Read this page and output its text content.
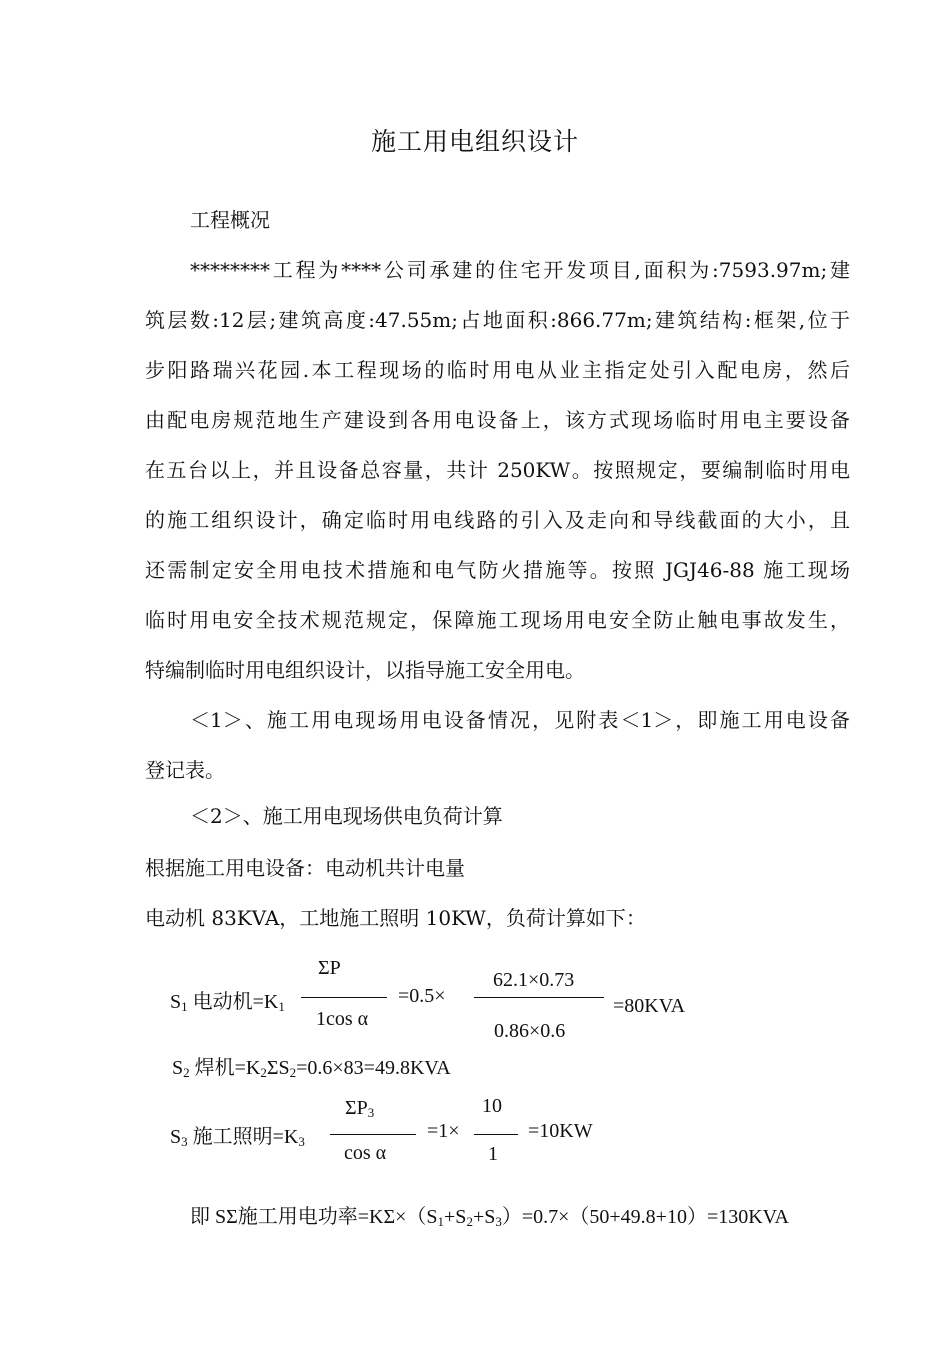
施工用电组织设计
工程概况
********工程为****公司承建的住宅开发项目,面积为:7593.97m;建
筑层数:12层;建筑高度:47.55m;占地面积:866.77m;建筑结构:框架,位于
步阳路瑞兴花园.本工程现场的临时用电从业主指定处引入配电房，然后
由配电房规范地生产建设到各用电设备上，该方式现场临时用电主要设备
在五台以上，并且设备总容量，共计 250KW。按照规定，要编制临时用电
的施工组织设计，确定临时用电线路的引入及走向和导线截面的大小，且
还需制定安全用电技术措施和电气防火措施等。按照 JGJ46-88 施工现场
临时用电安全技术规范规定，保障施工现场用电安全防止触电事故发生，
特编制临时用电组织设计，以指导施工安全用电。
＜1＞、施工用电现场用电设备情况，见附表＜1＞，即施工用电设备
登记表。
＜2＞、施工用电现场供电负荷计算
根据施工用电设备：电动机共计电量
电动机 83KVA，工地施工照明 10KW，负荷计算如下：
$S_1$ 电动机$=K_1$
ΣP
1cos α
=0.5×
62.1×0.73
0.86×0.6
=80KVA
$S_2$ 焊机$=K_2\Sigma S_2=0.6\times 83=49.8KVA$
$S_3$ 施工照明$=K_3$
$\Sigma P_3$
cos α
=1×
10
1
=10KW
即 SΣ施工用电功率$=K\Sigma\times(S_1+S_2+S_3)=0.7\times(50+49.8+10)=130KVA$
